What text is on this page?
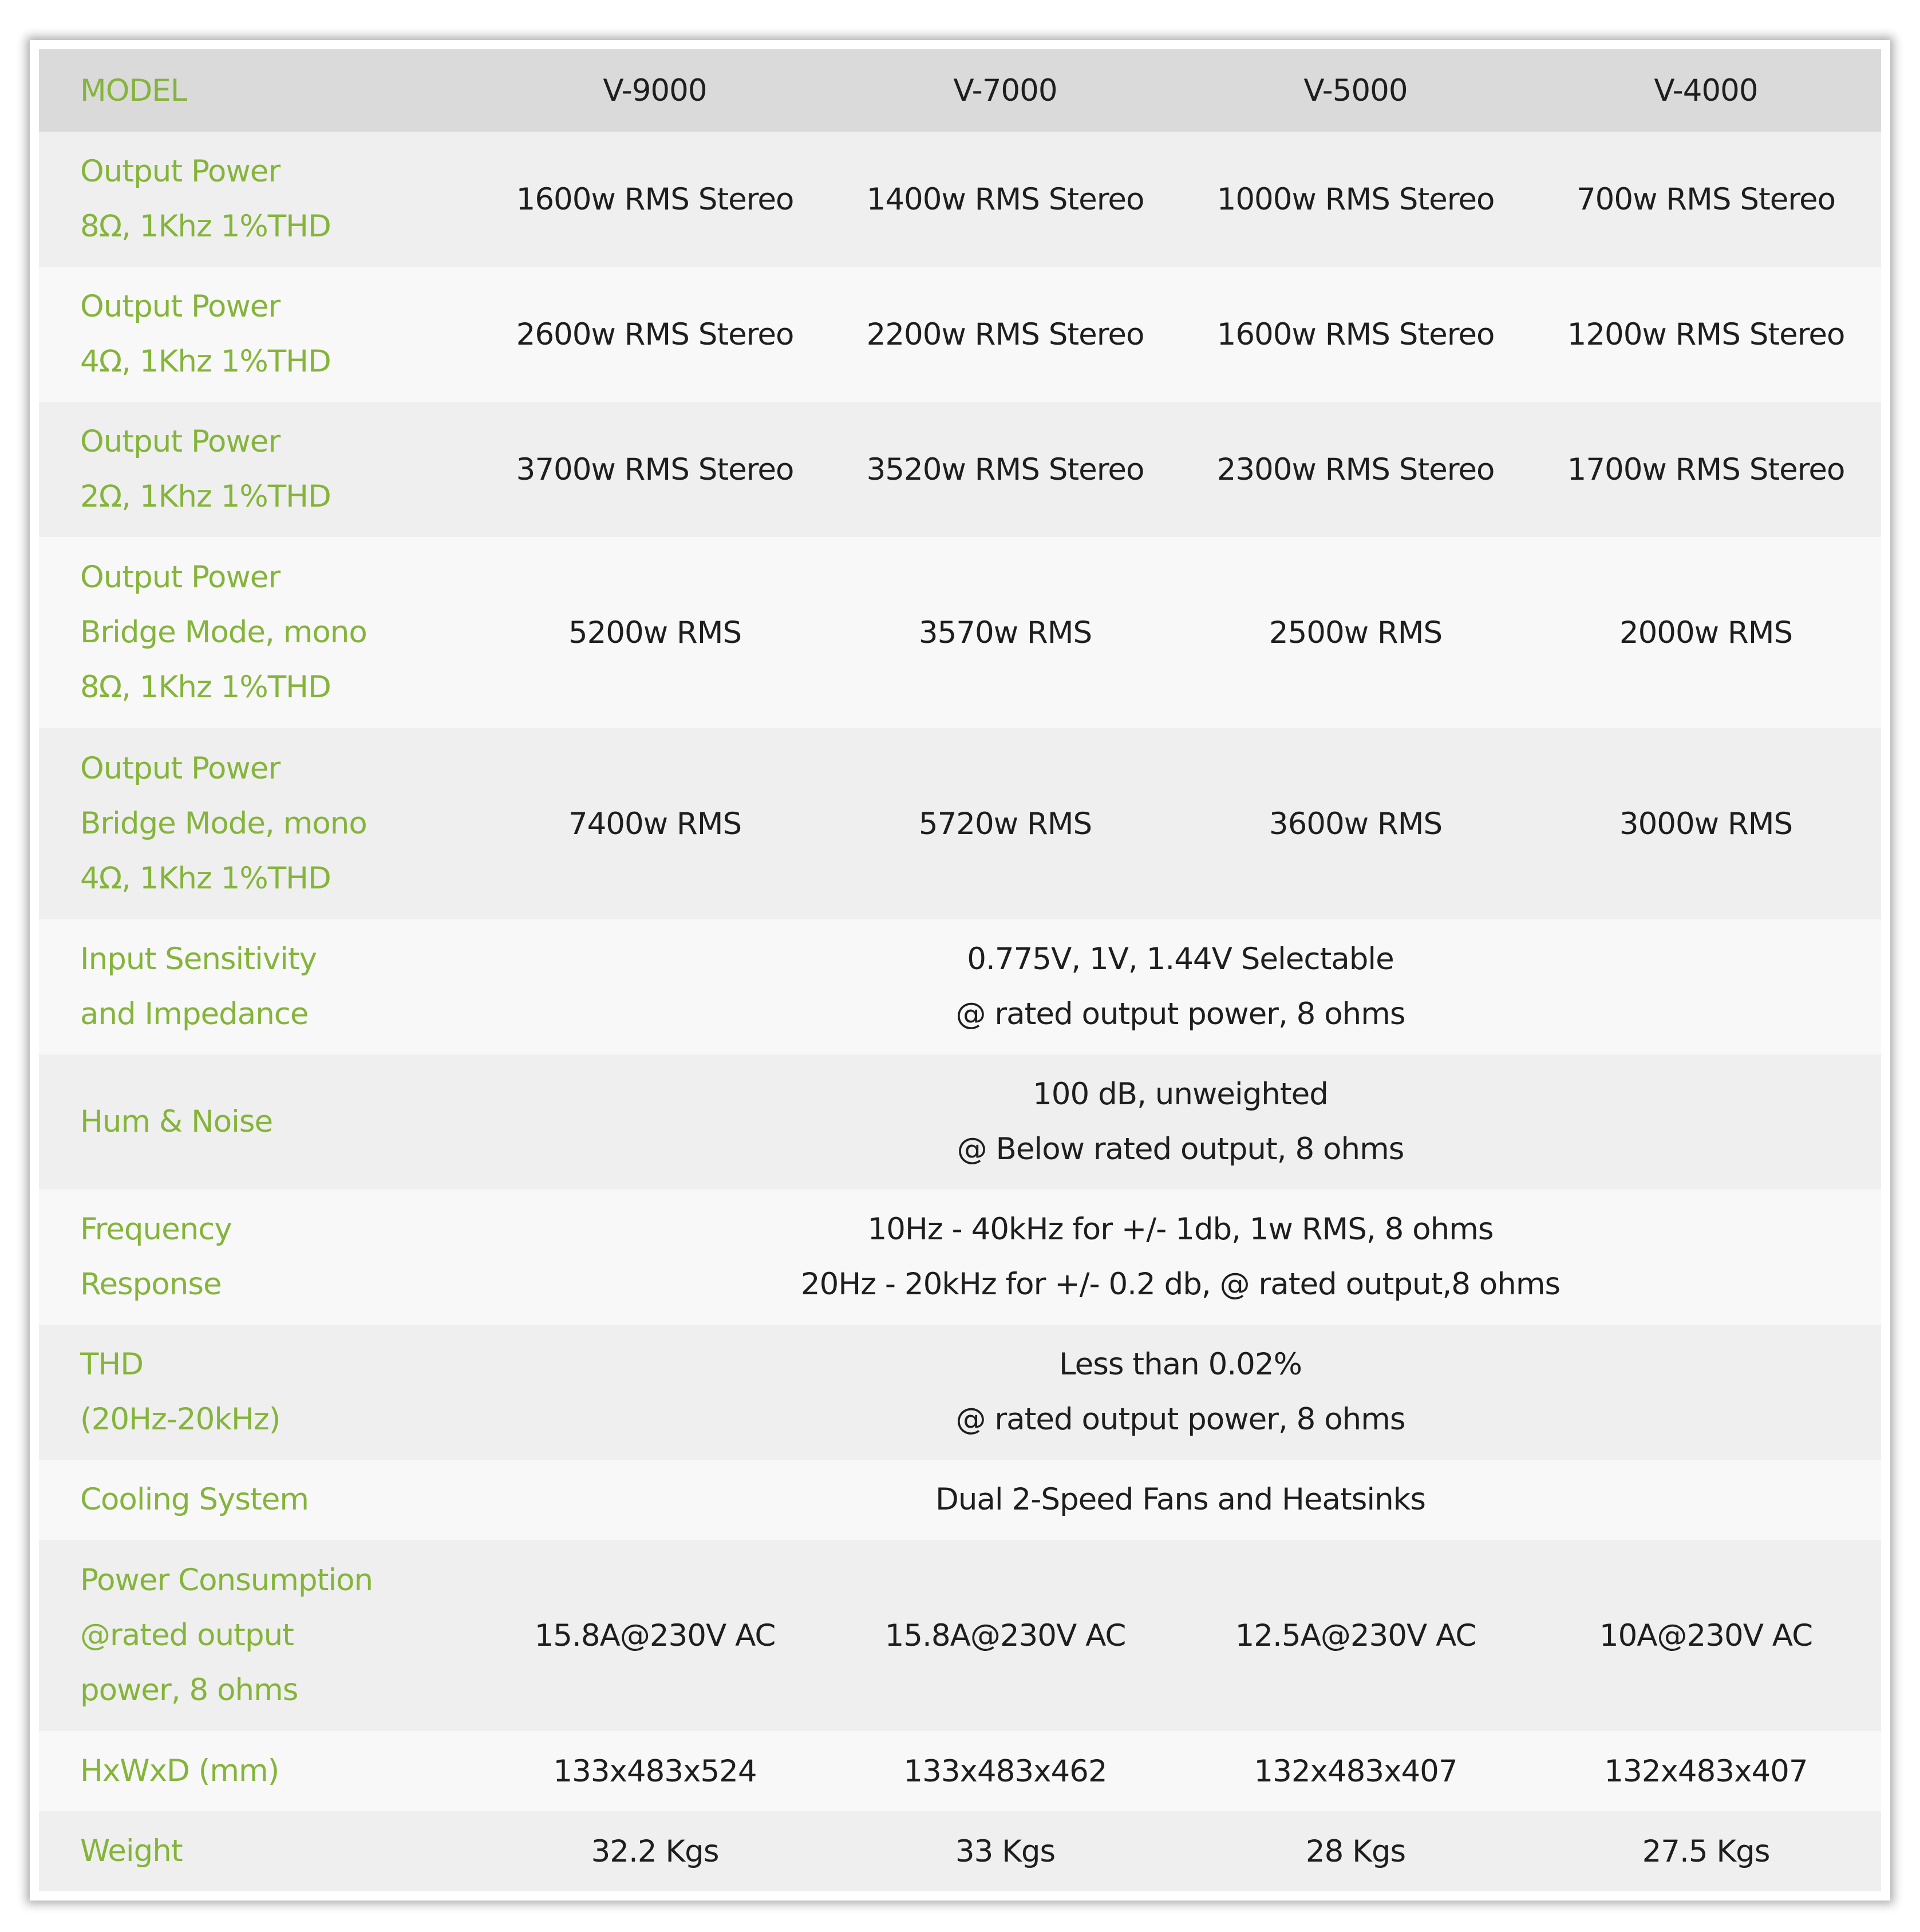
MODEL	V-9000	V-7000	V-5000	V-4000

Output Power
8Ω, 1Khz 1%THD	1600w RMS Stereo	1400w RMS Stereo	1000w RMS Stereo	700w RMS Stereo

Output Power
4Ω, 1Khz 1%THD	2600w RMS Stereo	2200w RMS Stereo	1600w RMS Stereo	1200w RMS Stereo

Output Power
2Ω, 1Khz 1%THD	3700w RMS Stereo	3520w RMS Stereo	2300w RMS Stereo	1700w RMS Stereo

Output Power
Bridge Mode, mono
8Ω, 1Khz 1%THD	5200w RMS	3570w RMS	2500w RMS	2000w RMS

Output Power
Bridge Mode, mono
4Ω, 1Khz 1%THD	7400w RMS	5720w RMS	3600w RMS	3000w RMS

Input Sensitivity
and Impedance	0.775V, 1V, 1.44V Selectable
@ rated output power, 8 ohms			

Hum & Noise	100 dB, unweighted
@ Below rated output, 8 ohms			

Frequency
Response	10Hz - 40kHz for +/- 1db, 1w RMS, 8 ohms
20Hz - 20kHz for +/- 0.2 db, @ rated output,8 ohms			

THD
(20Hz-20kHz)	Less than 0.02%
@ rated output power, 8 ohms			

Cooling System	Dual 2-Speed Fans and Heatsinks			

Power Consumption
@rated output
power, 8 ohms	15.8A@230V AC	15.8A@230V AC	12.5A@230V AC	10A@230V AC

HxWxD (mm)	133x483x524	133x483x462	132x483x407	132x483x407

Weight	32.2 Kgs	33 Kgs	28 Kgs	27.5 Kgs
